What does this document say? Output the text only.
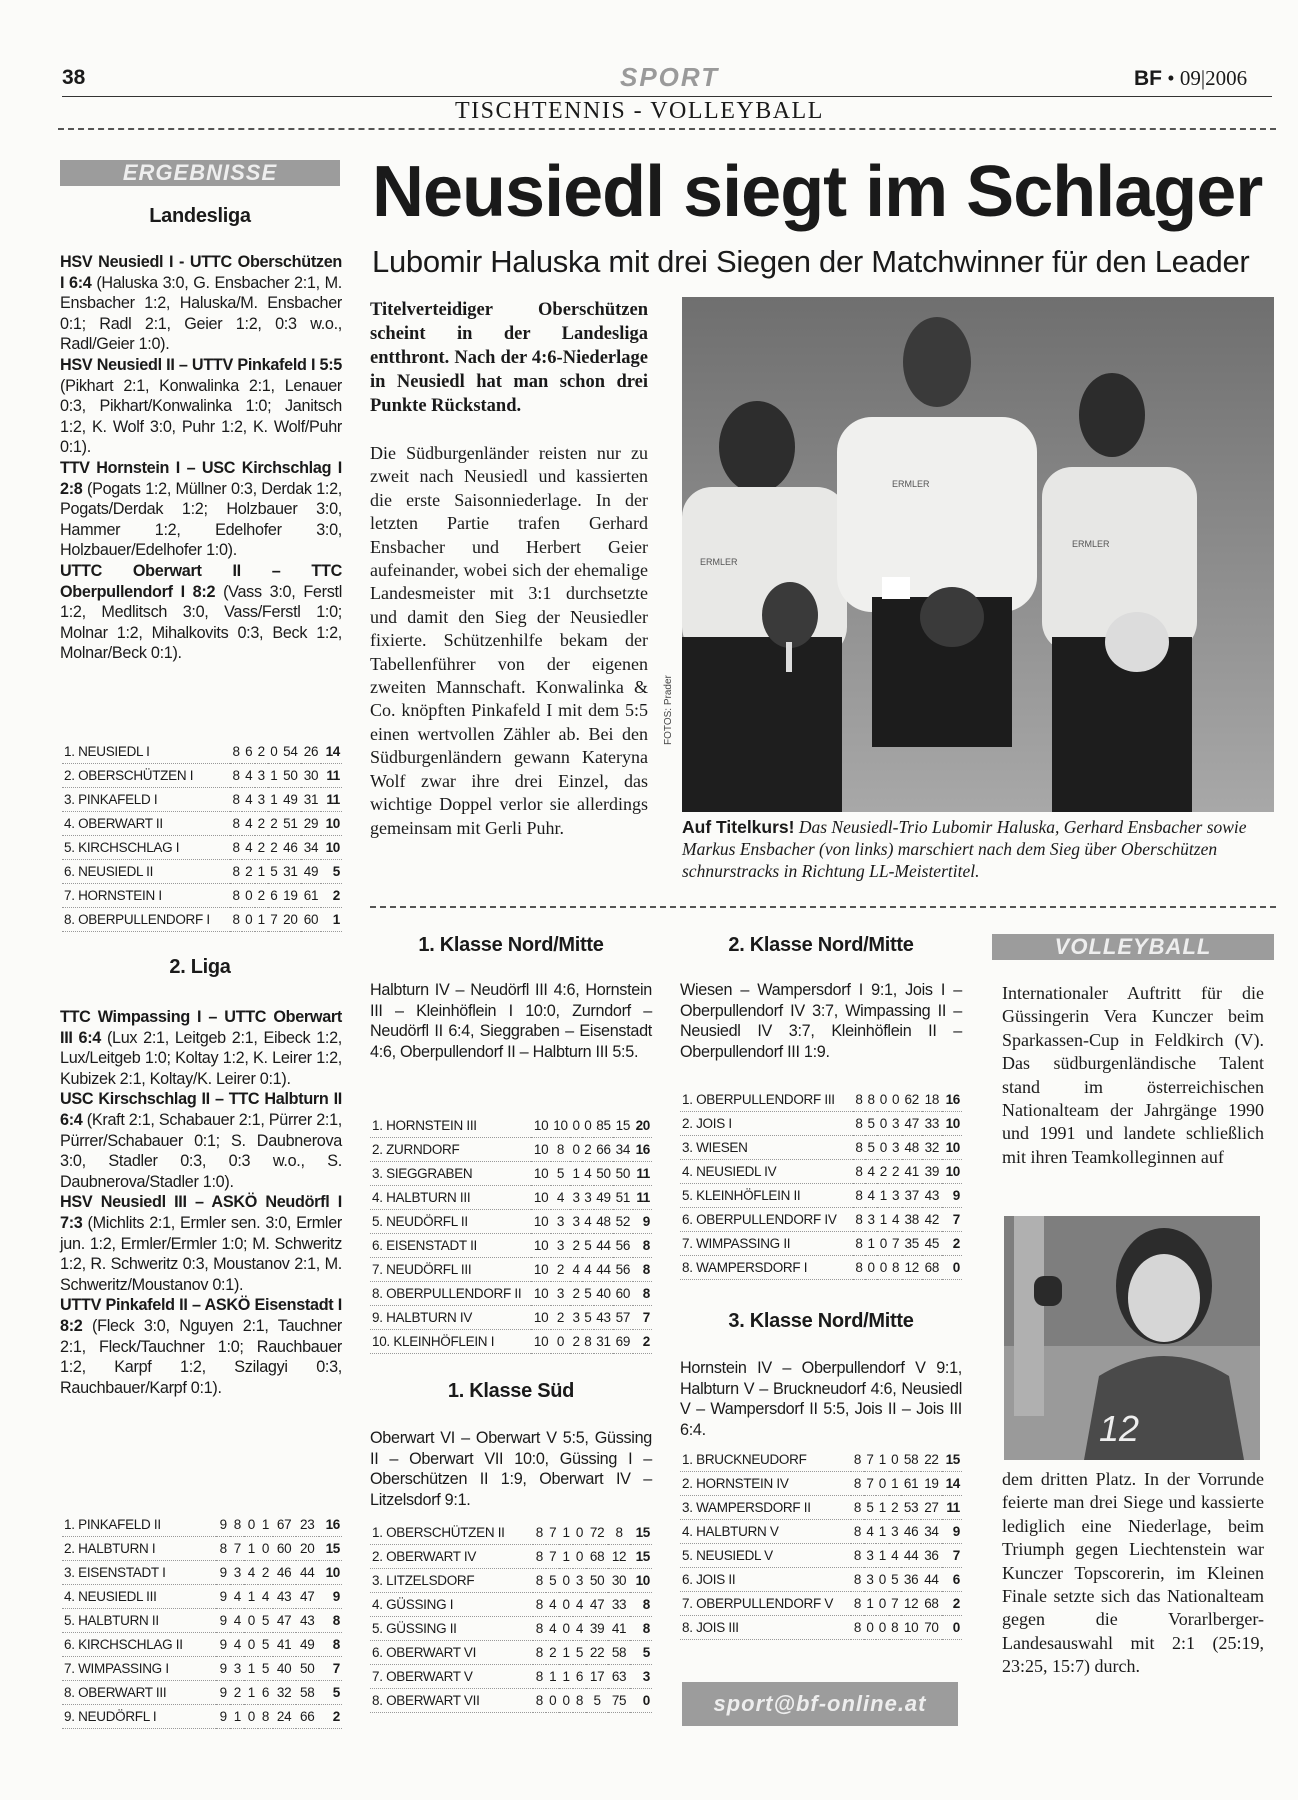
38	SPORT	BF • 09|2006
TISCHTENNIS - VOLLEYBALL
ERGEBNISSE
Landesliga
HSV Neusiedl I - UTTC Oberschützen I 6:4 (Haluska 3:0, G. Ensbacher 2:1, M. Ensbacher 1:2, Haluska/M. Ensbacher 0:1; Radl 2:1, Geier 1:2, 0:3 w.o., Radl/Geier 1:0).
HSV Neusiedl II – UTTV Pinkafeld I 5:5 (Pikhart 2:1, Konwalinka 2:1, Lenauer 0:3, Pikhart/Konwalinka 1:0; Janitsch 1:2, K. Wolf 3:0, Puhr 1:2, K. Wolf/Puhr 0:1).
TTV Hornstein I – USC Kirchschlag I 2:8 (Pogats 1:2, Müllner 0:3, Derdak 1:2, Pogats/Derdak 1:2; Holzbauer 3:0, Hammer 1:2, Edelhofer 3:0, Holzbauer/Edelhofer 1:0).
UTTC Oberwart II – TTC Oberpullendorf I 8:2 (Vass 3:0, Ferstl 1:2, Medlitsch 3:0, Vass/Ferstl 1:0; Molnar 1:2, Mihalkovits 0:3, Beck 1:2, Molnar/Beck 0:1).
1. NEUSIEDL I	8	6	2	0	54	26	14
2. OBERSCHÜTZEN I	8	4	3	1	50	30	11
3. PINKAFELD I	8	4	3	1	49	31	11
4. OBERWART II	8	4	2	2	51	29	10
5. KIRCHSCHLAG I	8	4	2	2	46	34	10
6. NEUSIEDL II	8	2	1	5	31	49	5
7. HORNSTEIN I	8	0	2	6	19	61	2
8. OBERPULLENDORF I	8	0	1	7	20	60	1
2. Liga
TTC Wimpassing I – UTTC Oberwart III 6:4 (Lux 2:1, Leitgeb 2:1, Eibeck 1:2, Lux/Leitgeb 1:0; Koltay 1:2, K. Leirer 1:2, Kubizek 2:1, Koltay/K. Leirer 0:1).
USC Kirschschlag II – TTC Halbturn II 6:4 (Kraft 2:1, Schabauer 2:1, Pürrer 2:1, Pürrer/Schabauer 0:1; S. Daubnerova 3:0, Stadler 0:3, 0:3 w.o., S. Daubnerova/Stadler 1:0).
HSV Neusiedl III – ASKÖ Neudörfl I 7:3 (Michlits 2:1, Ermler sen. 3:0, Ermler jun. 1:2, Ermler/Ermler 1:0; M. Schweritz 1:2, R. Schweritz 0:3, Moustanov 2:1, M. Schweritz/Moustanov 0:1).
UTTV Pinkafeld II – ASKÖ Eisenstadt I 8:2 (Fleck 3:0, Nguyen 2:1, Tauchner 2:1, Fleck/Tauchner 1:0; Rauchbauer 1:2, Karpf 1:2, Szilagyi 0:3, Rauchbauer/Karpf 0:1).
1. PINKAFELD II	9	8	0	1	67	23	16
2. HALBTURN I	8	7	1	0	60	20	15
3. EISENSTADT I	9	3	4	2	46	44	10
4. NEUSIEDL III	9	4	1	4	43	47	9
5. HALBTURN II	9	4	0	5	47	43	8
6. KIRCHSCHLAG II	9	4	0	5	41	49	8
7. WIMPASSING I	9	3	1	5	40	50	7
8. OBERWART III	9	2	1	6	32	58	5
9. NEUDÖRFL I	9	1	0	8	24	66	2
Neusiedl siegt im Schlager
Lubomir Haluska mit drei Siegen der Matchwinner für den Leader
Titelverteidiger Oberschützen scheint in der Landesliga entthront. Nach der 4:6-Niederlage in Neusiedl hat man schon drei Punkte Rückstand.
Die Südburgenländer reisten nur zu zweit nach Neusiedl und kassierten die erste Saisonniederlage. In der letzten Partie trafen Gerhard Ensbacher und Herbert Geier aufeinander, wobei sich der ehemalige Landesmeister mit 3:1 durchsetzte und damit den Sieg der Neusiedler fixierte. Schützenhilfe bekam der Tabellenführer von der eigenen zweiten Mannschaft. Konwalinka & Co. knöpften Pinkafeld I mit dem 5:5 einen wertvollen Zähler ab. Bei den Südburgenländern gewann Kateryna Wolf zwar ihre drei Einzel, das wichtige Doppel verlor sie allerdings gemeinsam mit Gerli Puhr.
ERMLER
ERMLER
ERMLER
FOTOS: Prader
Auf Titelkurs! Das Neusiedl-Trio Lubomir Haluska, Gerhard Ensbacher sowie Markus Ensbacher (von links) marschiert nach dem Sieg über Oberschützen schnurstracks in Richtung LL-Meistertitel.
1. Klasse Nord/Mitte
Halbturn IV – Neudörfl III 4:6, Hornstein III – Kleinhöflein I 10:0, Zurndorf – Neudörfl II 6:4, Sieggraben – Eisenstadt 4:6, Oberpullendorf II – Halbturn III 5:5.
1. HORNSTEIN III	10	10	0	0	85	15	20
2. ZURNDORF	10	8	0	2	66	34	16
3. SIEGGRABEN	10	5	1	4	50	50	11
4. HALBTURN III	10	4	3	3	49	51	11
5. NEUDÖRFL II	10	3	3	4	48	52	9
6. EISENSTADT II	10	3	2	5	44	56	8
7. NEUDÖRFL III	10	2	4	4	44	56	8
8. OBERPULLENDORF II	10	3	2	5	40	60	8
9. HALBTURN IV	10	2	3	5	43	57	7
10. KLEINHÖFLEIN I	10	0	2	8	31	69	2
1. Klasse Süd
Oberwart VI – Oberwart V 5:5, Güssing II – Oberwart VII 10:0, Güssing I – Oberschützen II 1:9, Oberwart IV – Litzelsdorf 9:1.
1. OBERSCHÜTZEN II	8	7	1	0	72	8	15
2. OBERWART IV	8	7	1	0	68	12	15
3. LITZELSDORF	8	5	0	3	50	30	10
4. GÜSSING I	8	4	0	4	47	33	8
5. GÜSSING II	8	4	0	4	39	41	8
6. OBERWART VI	8	2	1	5	22	58	5
7. OBERWART V	8	1	1	6	17	63	3
8. OBERWART VII	8	0	0	8	5	75	0
2. Klasse Nord/Mitte
Wiesen – Wampersdorf I 9:1, Jois I – Oberpullendorf IV 3:7, Wimpassing II – Neusiedl IV 3:7, Kleinhöflein II – Oberpullendorf III 1:9.
1. OBERPULLENDORF III	8	8	0	0	62	18	16
2. JOIS I	8	5	0	3	47	33	10
3. WIESEN	8	5	0	3	48	32	10
4. NEUSIEDL IV	8	4	2	2	41	39	10
5. KLEINHÖFLEIN II	8	4	1	3	37	43	9
6. OBERPULLENDORF IV	8	3	1	4	38	42	7
7. WIMPASSING II	8	1	0	7	35	45	2
8. WAMPERSDORF I	8	0	0	8	12	68	0
3. Klasse Nord/Mitte
Hornstein IV – Oberpullendorf V 9:1, Halbturn V – Bruckneudorf 4:6, Neusiedl V – Wampersdorf II 5:5, Jois II – Jois III 6:4.
1. BRUCKNEUDORF	8	7	1	0	58	22	15
2. HORNSTEIN IV	8	7	0	1	61	19	14
3. WAMPERSDORF II	8	5	1	2	53	27	11
4. HALBTURN V	8	4	1	3	46	34	9
5. NEUSIEDL V	8	3	1	4	44	36	7
6. JOIS II	8	3	0	5	36	44	6
7. OBERPULLENDORF V	8	1	0	7	12	68	2
8. JOIS III	8	0	0	8	10	70	0
sport@bf-online.at
VOLLEYBALL
Internationaler Auftritt für die Güssingerin Vera Kunczer beim Sparkassen-Cup in Feldkirch (V). Das südburgenländische Talent stand im österreichischen Nationalteam der Jahrgänge 1990 und 1991 und landete schließlich mit ihren Teamkolleginnen auf
12
dem dritten Platz. In der Vorrunde feierte man drei Siege und kassierte lediglich eine Niederlage, beim Triumph gegen Liechtenstein war Kunczer Topscorerin, im Kleinen Finale setzte sich das Nationalteam gegen die Vorarlberger-Landesauswahl mit 2:1 (25:19, 23:25, 15:7) durch.
